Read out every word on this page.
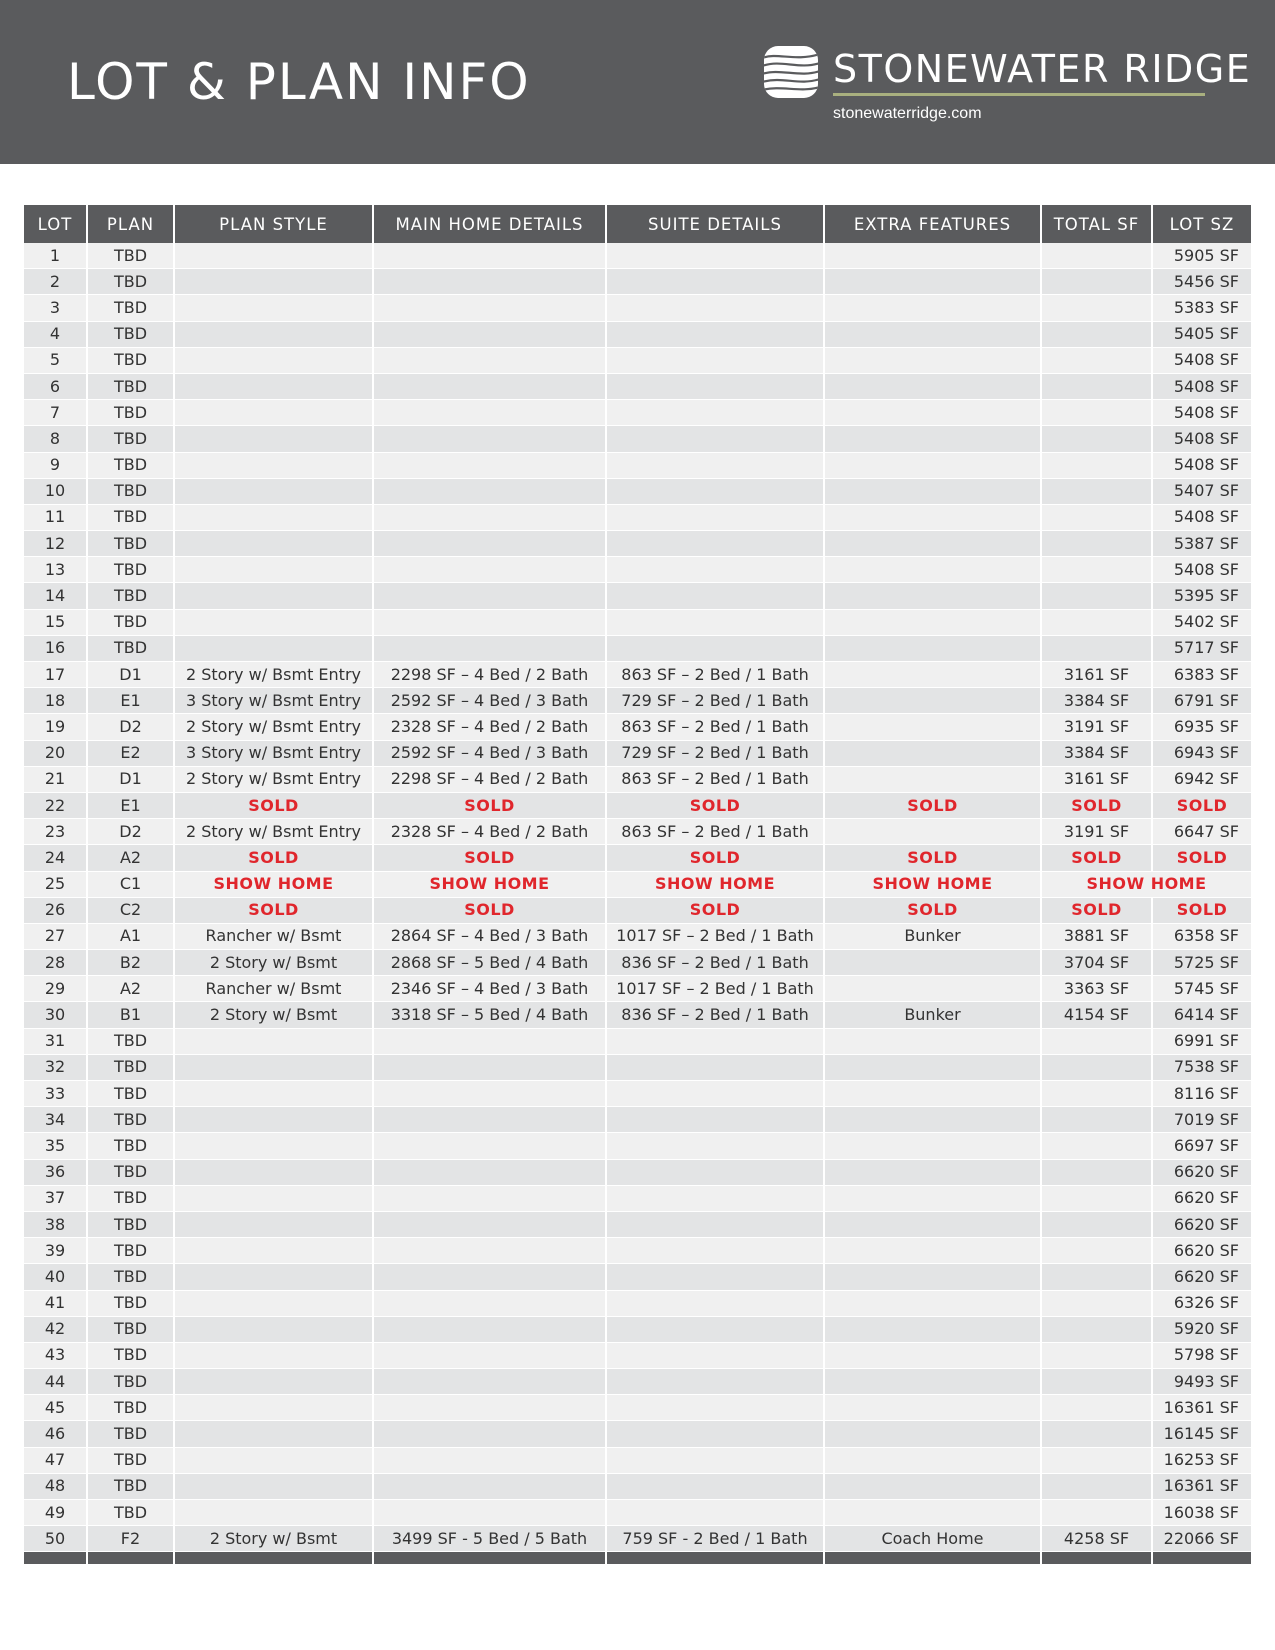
LOT & PLAN INFO	STONEWATER RIDGE
stonewaterridge.com
LOT	PLAN	PLAN STYLE	MAIN HOME DETAILS	SUITE DETAILS	EXTRA FEATURES	TOTAL SF	LOT SZ
1	TBD						5905 SF
2	TBD						5456 SF
3	TBD						5383 SF
4	TBD						5405 SF
5	TBD						5408 SF
6	TBD						5408 SF
7	TBD						5408 SF
8	TBD						5408 SF
9	TBD						5408 SF
10	TBD						5407 SF
11	TBD						5408 SF
12	TBD						5387 SF
13	TBD						5408 SF
14	TBD						5395 SF
15	TBD						5402 SF
16	TBD						5717 SF
17	D1	2 Story w/ Bsmt Entry	2298 SF – 4 Bed / 2 Bath	863 SF – 2 Bed / 1 Bath		3161 SF	6383 SF
18	E1	3 Story w/ Bsmt Entry	2592 SF – 4 Bed / 3 Bath	729 SF – 2 Bed / 1 Bath		3384 SF	6791 SF
19	D2	2 Story w/ Bsmt Entry	2328 SF – 4 Bed / 2 Bath	863 SF – 2 Bed / 1 Bath		3191 SF	6935 SF
20	E2	3 Story w/ Bsmt Entry	2592 SF – 4 Bed / 3 Bath	729 SF – 2 Bed / 1 Bath		3384 SF	6943 SF
21	D1	2 Story w/ Bsmt Entry	2298 SF – 4 Bed / 2 Bath	863 SF – 2 Bed / 1 Bath		3161 SF	6942 SF
22	E1	SOLD	SOLD	SOLD	SOLD	SOLD	SOLD
23	D2	2 Story w/ Bsmt Entry	2328 SF – 4 Bed / 2 Bath	863 SF – 2 Bed / 1 Bath		3191 SF	6647 SF
24	A2	SOLD	SOLD	SOLD	SOLD	SOLD	SOLD
25	C1	SHOW HOME	SHOW HOME	SHOW HOME	SHOW HOME	SHOW HOME	
26	C2	SOLD	SOLD	SOLD	SOLD	SOLD	SOLD
27	A1	Rancher w/ Bsmt	2864 SF – 4 Bed / 3 Bath	1017 SF – 2 Bed / 1 Bath	Bunker	3881 SF	6358 SF
28	B2	2 Story w/ Bsmt	2868 SF – 5 Bed / 4 Bath	836 SF – 2 Bed / 1 Bath		3704 SF	5725 SF
29	A2	Rancher w/ Bsmt	2346 SF – 4 Bed / 3 Bath	1017 SF – 2 Bed / 1 Bath		3363 SF	5745 SF
30	B1	2 Story w/ Bsmt	3318 SF – 5 Bed / 4 Bath	836 SF – 2 Bed / 1 Bath	Bunker	4154 SF	6414 SF
31	TBD						6991 SF
32	TBD						7538 SF
33	TBD						8116 SF
34	TBD						7019 SF
35	TBD						6697 SF
36	TBD						6620 SF
37	TBD						6620 SF
38	TBD						6620 SF
39	TBD						6620 SF
40	TBD						6620 SF
41	TBD						6326 SF
42	TBD						5920 SF
43	TBD						5798 SF
44	TBD						9493 SF
45	TBD						16361 SF
46	TBD						16145 SF
47	TBD						16253 SF
48	TBD						16361 SF
49	TBD						16038 SF
50	F2	2 Story w/ Bsmt	3499 SF - 5 Bed / 5 Bath	759 SF - 2 Bed / 1 Bath	Coach Home	4258 SF	22066 SF
